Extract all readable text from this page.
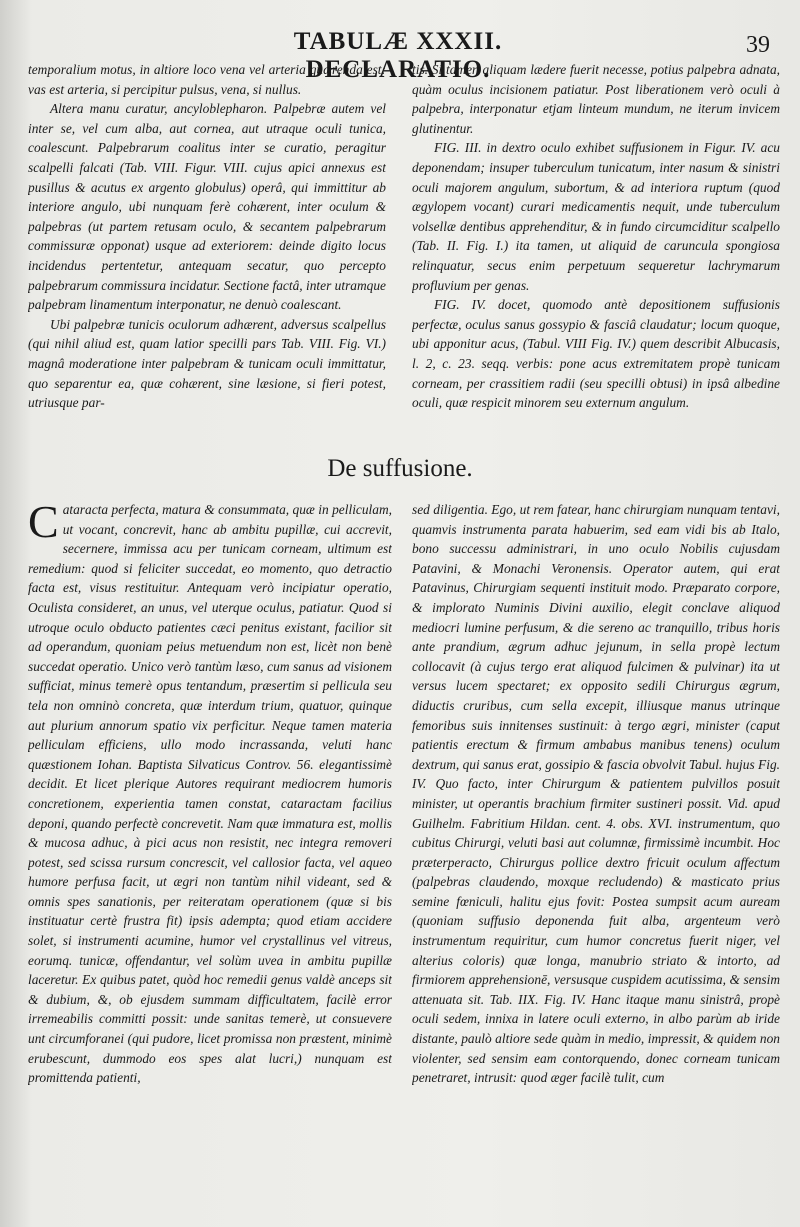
TABULÆ XXXII. DECLARATIO.
39

temporalium motus, in altiore loco vena vel arteria quærenda est: vas est arteria, si percipitur pulsus, vena, si nullus.

Altera manu curatur, ancyloblepharon. Palpebræ autem vel inter se, vel cum alba, aut cornea, aut utraque oculi tunica, coalescunt. Palpebrarum coalitus inter se curatio, peragitur scalpelli falcati (Tab. VIII. Figur. VIII. cujus apici annexus est pusillus & acutus ex argento globulus) operâ, qui immittitur ab interiore angulo, ubi nunquam ferè cohærent, inter oculum & palpebras (ut partem retusam oculo, & secantem palpebrarum commissuræ opponat) usque ad exteriorem: deinde digito locus incidendus pertentetur, antequam secatur, quo percepto palpebrarum commissura incidatur. Sectione factâ, inter utramque palpebram linamentum interponatur, ne denuò coalescant.

Ubi palpebræ tunicis oculorum adhærent, adversus scalpellus (qui nihil aliud est, quam latior specilli pars Tab. VIII. Fig. VI.) magnâ moderatione inter palpebram & tunicam oculi immittatur, quo separentur ea, quæ cohærent, sine læsione, si fieri potest, utriusque par-

tis. Si tamen aliquam lædere fuerit necesse, potius palpebra adnata, quàm oculus incisionem patiatur. Post liberationem verò oculi à palpebra, interponatur etjam linteum mundum, ne iterum invicem glutinentur.

FIG. III. in dextro oculo exhibet suffusionem in Figur. IV. acu deponendam; insuper tuberculum tunicatum, inter nasum & sinistri oculi majorem angulum, subortum, & ad interiora ruptum (quod ægylopem vocant) curari medicamentis nequit, unde tuberculum volsellæ dentibus apprehenditur, & in fundo circumciditur scalpello (Tab. II. Fig. I.) ita tamen, ut aliquid de caruncula spongiosa relinquatur, secus enim perpetuum sequeretur lachrymarum profluvium per genas.

FIG. IV. docet, quomodo antè depositionem suffusionis perfectæ, oculus sanus gossypio & fasciâ claudatur; locum quoque, ubi apponitur acus, (Tabul. VIII Fig. IV.) quem describit Albucasis, l. 2, c. 23. seqq. verbis: pone acus extremitatem propè tunicam corneam, per crassitiem radii (seu specilli obtusi) in ipsâ albedine oculi, quæ respicit minorem seu externum angulum.

De suffusione.

Cataracta perfecta, matura & consummata, quæ in pelliculam, ut vocant, concrevit, hanc ab ambitu pupillæ, cui accrevit, secernere, immissa acu per tunicam corneam, ultimum est remedium: quod si feliciter succedat, eo momento, quo detractio facta est, visus restituitur. Antequam verò incipiatur operatio, Oculista consideret, an unus, vel uterque oculus, patiatur. Quod si utroque oculo obducto patientes cæci penitus existant, facilior sit ad operandum, quoniam peius metuendum non est, licèt non benè succedat operatio. Unico verò tantùm læso, cum sanus ad visionem sufficiat, minus temerè opus tentandum, præsertim si pellicula seu tela non omninò concreta, quæ interdum trium, quatuor, quinque aut plurium annorum spatio vix perficitur. Neque tamen materia pelliculam efficiens, ullo modo incrassanda, veluti hanc quæstionem Iohan. Baptista Silvaticus Controv. 56. elegantissimè decidit. Et licet plerique Autores requirant mediocrem humoris concretionem, experientia tamen constat, cataractam facilius deponi, quando perfectè concrevetit. Nam quæ immatura est, mollis & mucosa adhuc, à pici acus non resistit, nec integra removeri potest, sed scissa rursum concrescit, vel callosior facta, vel aqueo humore perfusa facit, ut ægri non tantùm nihil videant, sed & omnis spes sanationis, per reiteratam operationem (quæ si bis instituatur certè frustra fit) ipsis adempta; quod etiam accidere solet, si instrumenti acumine, humor vel crystallinus vel vitreus, eorumq. tunicæ, offendantur, vel solùm uvea in ambitu pupillæ laceretur. Ex quibus patet, quòd hoc remedii genus valdè anceps sit & dubium, &, ob ejusdem summam difficultatem, facilè error irremeabilis committi possit: unde sanitas temerè, ut consuevere unt circumforanei (qui pudore, licet promissa non præstent, minimè erubescunt, dummodo eos spes alat lucri,) nunquam est promittenda patienti,

sed diligentia. Ego, ut rem fatear, hanc chirurgiam nunquam tentavi, quamvis instrumenta parata habuerim, sed eam vidi bis ab Italo, bono successu administrari, in uno oculo Nobilis cujusdam Patavini, & Monachi Veronensis. Operator autem, qui erat Patavinus, Chirurgiam sequenti instituit modo. Præparato corpore, & implorato Numinis Divini auxilio, elegit conclave aliquod mediocri lumine perfusum, & die sereno ac tranquillo, tribus horis ante prandium, ægrum adhuc jejunum, in sella propè lectum collocavit (à cujus tergo erat aliquod fulcimen & pulvinar) ita ut versus lucem spectaret; ex opposito sedili Chirurgus ægrum, diductis cruribus, cum sella excepit, illiusque manus utrinque femoribus suis innitenses sustinuit: à tergo ægri, minister (caput patientis erectum & firmum ambabus manibus tenens) oculum dextrum, qui sanus erat, gossipio & fascia obvolvit Tabul. hujus Fig. IV. Quo facto, inter Chirurgum & patientem pulvillos posuit minister, ut operantis brachium firmiter sustineri possit. Vid. apud Guilhelm. Fabritium Hildan. cent. 4. obs. XVI. instrumentum, quo cubitus Chirurgi, veluti basi aut columnæ, firmissimè incumbit. Hoc præterperacto, Chirurgus pollice dextro fricuit oculum affectum (palpebras claudendo, moxque recludendo) & masticato prius semine fœniculi, halitu ejus fovit: Postea sumpsit acum auream (quoniam suffusio deponenda fuit alba, argenteum verò instrumentum requiritur, cum humor concretus fuerit niger, vel alterius coloris) quæ longa, manubrio striato & intorto, ad firmiorem apprehensionē, versusque cuspidem acutissima, & sensim attenuata sit. Tab. IIX. Fig. IV. Hanc itaque manu sinistrâ, propè oculi sedem, innixa in latere oculi externo, in albo parùm ab iride distante, paulò altiore sede quàm in medio, impressit, & quidem non violenter, sed sensim eam contorquendo, donec corneam tunicam penetraret, intrusit: quod æger facilè tulit, cum
